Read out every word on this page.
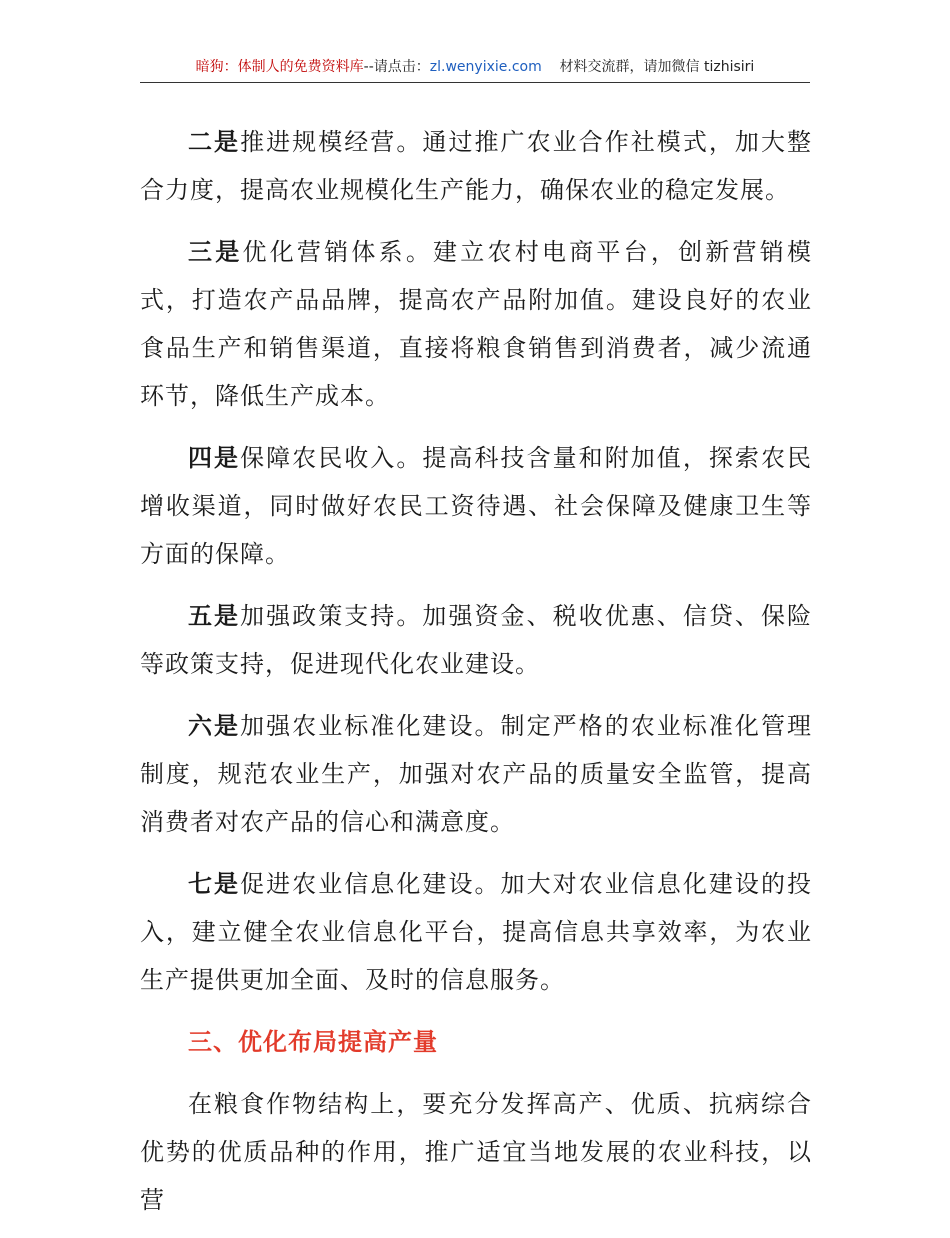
暗狗：体制人的免费资料库--请点击：zl.wenyixie.com 材料交流群，请加微信 tizhisiri

二是推进规模经营。通过推广农业合作社模式，加大整合力度，提高农业规模化生产能力，确保农业的稳定发展。

三是优化营销体系。建立农村电商平台，创新营销模式，打造农产品品牌，提高农产品附加值。建设良好的农业食品生产和销售渠道，直接将粮食销售到消费者，减少流通环节，降低生产成本。

四是保障农民收入。提高科技含量和附加值，探索农民增收渠道，同时做好农民工资待遇、社会保障及健康卫生等方面的保障。

五是加强政策支持。加强资金、税收优惠、信贷、保险等政策支持，促进现代化农业建设。

六是加强农业标准化建设。制定严格的农业标准化管理制度，规范农业生产，加强对农产品的质量安全监管，提高消费者对农产品的信心和满意度。

七是促进农业信息化建设。加大对农业信息化建设的投入，建立健全农业信息化平台，提高信息共享效率，为农业生产提供更加全面、及时的信息服务。

三、优化布局提高产量

在粮食作物结构上，要充分发挥高产、优质、抗病综合优势的优质品种的作用，推广适宜当地发展的农业科技，以营
